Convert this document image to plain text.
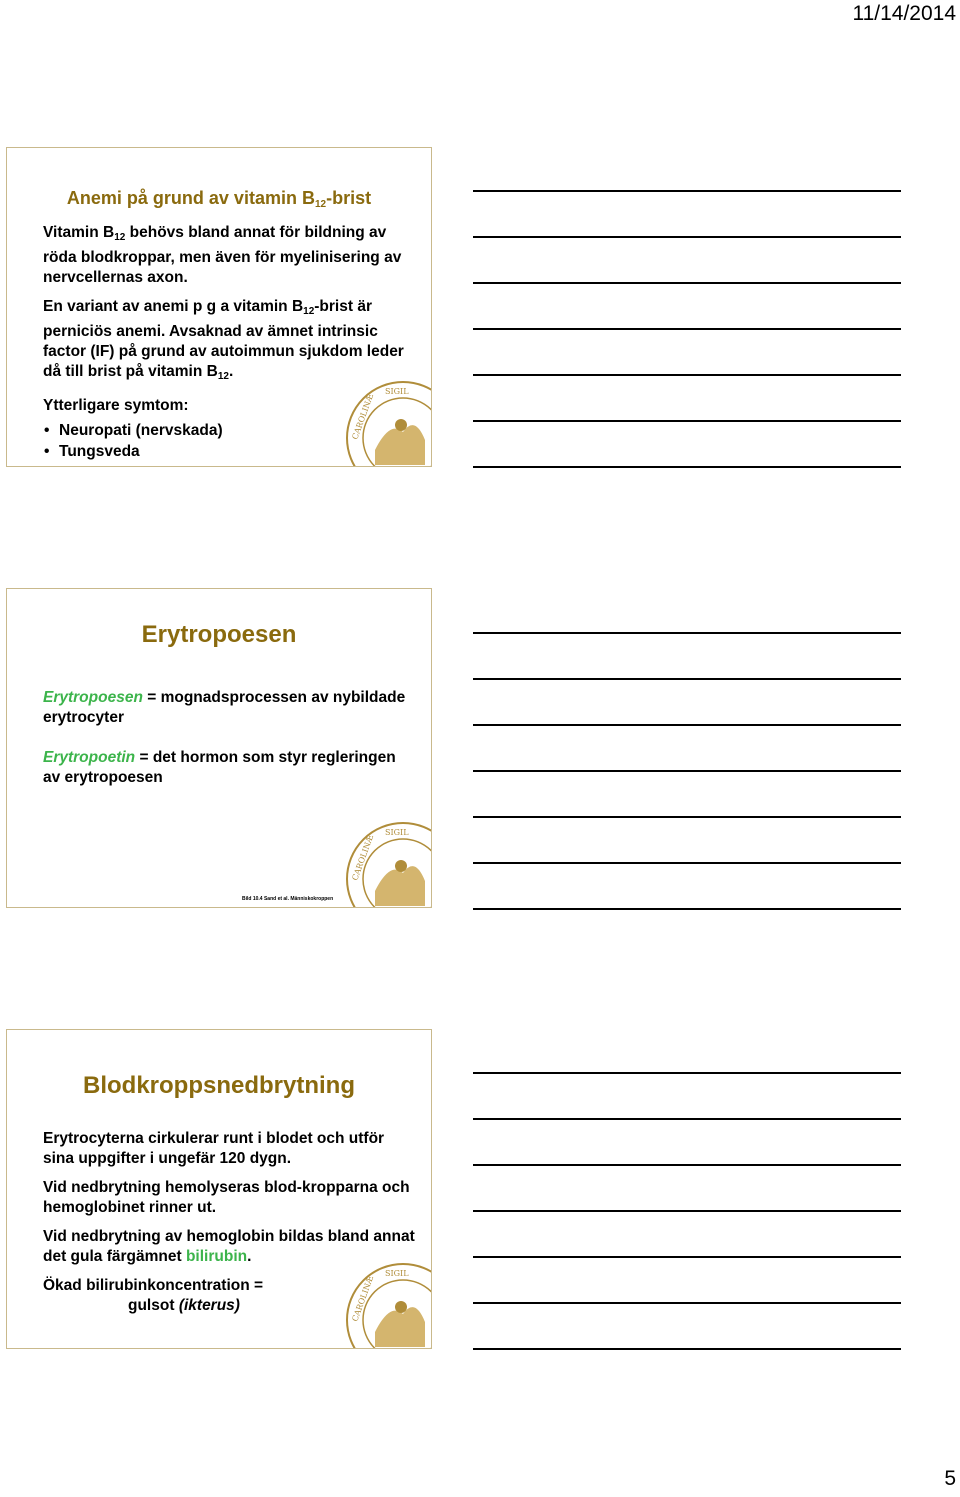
11/14/2014
Anemi på grund av vitamin $B_{12}$-brist

Vitamin $B_{12}$ behövs bland annat för bildning av röda blodkroppar, men även för myelinisering av nervcellernas axon.

En variant av anemi p g a vitamin $B_{12}$-brist är perniciös anemi. Avsaknad av ämnet intrinsic factor (IF) på grund av autoimmun sjukdom leder då till brist på vitamin $B_{12}$.

Ytterligare symtom:

• Neuropati (nervskada)
• Tungsveda
CAROLINÆ
SIGIL
Erytropoesen

Erytropoesen = mognadsprocessen av nybildade erytrocyter

Erytropoetin = det hormon som styr regleringen av erytropoesen

Bild 10.4 Sand et al. Människokroppen
CAROLINÆ
SIGIL
Blodkroppsnedbrytning

Erytrocyterna cirkulerar runt i blodet och utför sina uppgifter i ungefär 120 dygn.

Vid nedbrytning hemolyseras blod-kropparna och hemoglobinet rinner ut.

Vid nedbrytning av hemoglobin bildas bland annat det gula färgämnet bilirubin.

Ökad bilirubinkoncentration =

gulsot (ikterus)	CAROLINÆ
SIGIL
5
